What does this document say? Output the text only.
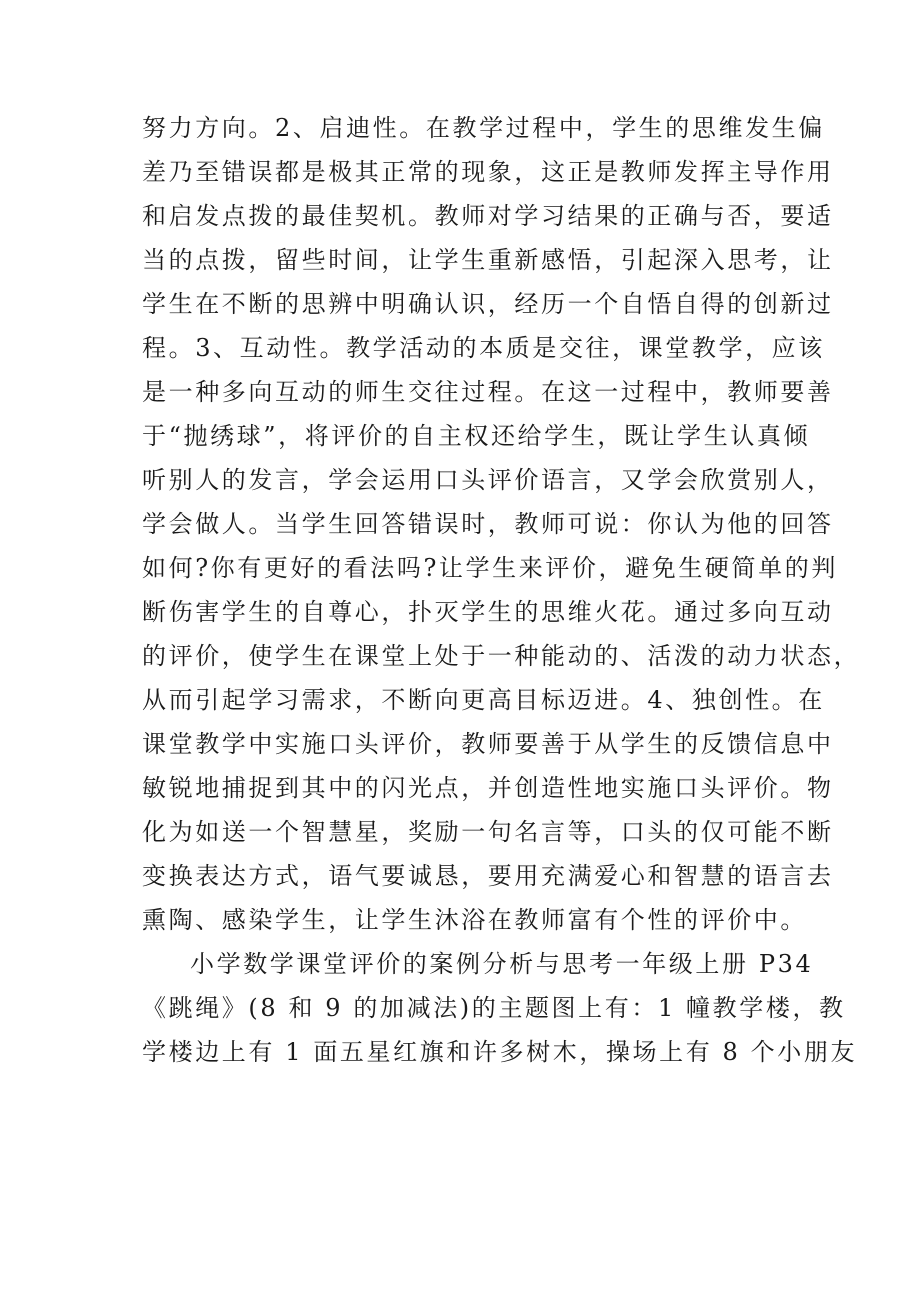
努力方向。2、启迪性。在教学过程中，学生的思维发生偏
差乃至错误都是极其正常的现象，这正是教师发挥主导作用
和启发点拨的最佳契机。教师对学习结果的正确与否，要适
当的点拨，留些时间，让学生重新感悟，引起深入思考，让
学生在不断的思辨中明确认识，经历一个自悟自得的创新过
程。3、互动性。教学活动的本质是交往，课堂教学，应该
是一种多向互动的师生交往过程。在这一过程中，教师要善
于“抛绣球”，将评价的自主权还给学生，既让学生认真倾
听别人的发言，学会运用口头评价语言，又学会欣赏别人，
学会做人。当学生回答错误时，教师可说：你认为他的回答
如何?你有更好的看法吗?让学生来评价，避免生硬简单的判
断伤害学生的自尊心，扑灭学生的思维火花。通过多向互动
的评价，使学生在课堂上处于一种能动的、活泼的动力状态，
从而引起学习需求，不断向更高目标迈进。4、独创性。在
课堂教学中实施口头评价，教师要善于从学生的反馈信息中
敏锐地捕捉到其中的闪光点，并创造性地实施口头评价。物
化为如送一个智慧星，奖励一句名言等，口头的仅可能不断
变换表达方式，语气要诚恳，要用充满爱心和智慧的语言去
熏陶、感染学生，让学生沐浴在教师富有个性的评价中。
小学数学课堂评价的案例分析与思考一年级上册 P34
《跳绳》(8 和 9 的加减法)的主题图上有：1 幢教学楼，教
学楼边上有 1 面五星红旗和许多树木，操场上有 8 个小朋友
